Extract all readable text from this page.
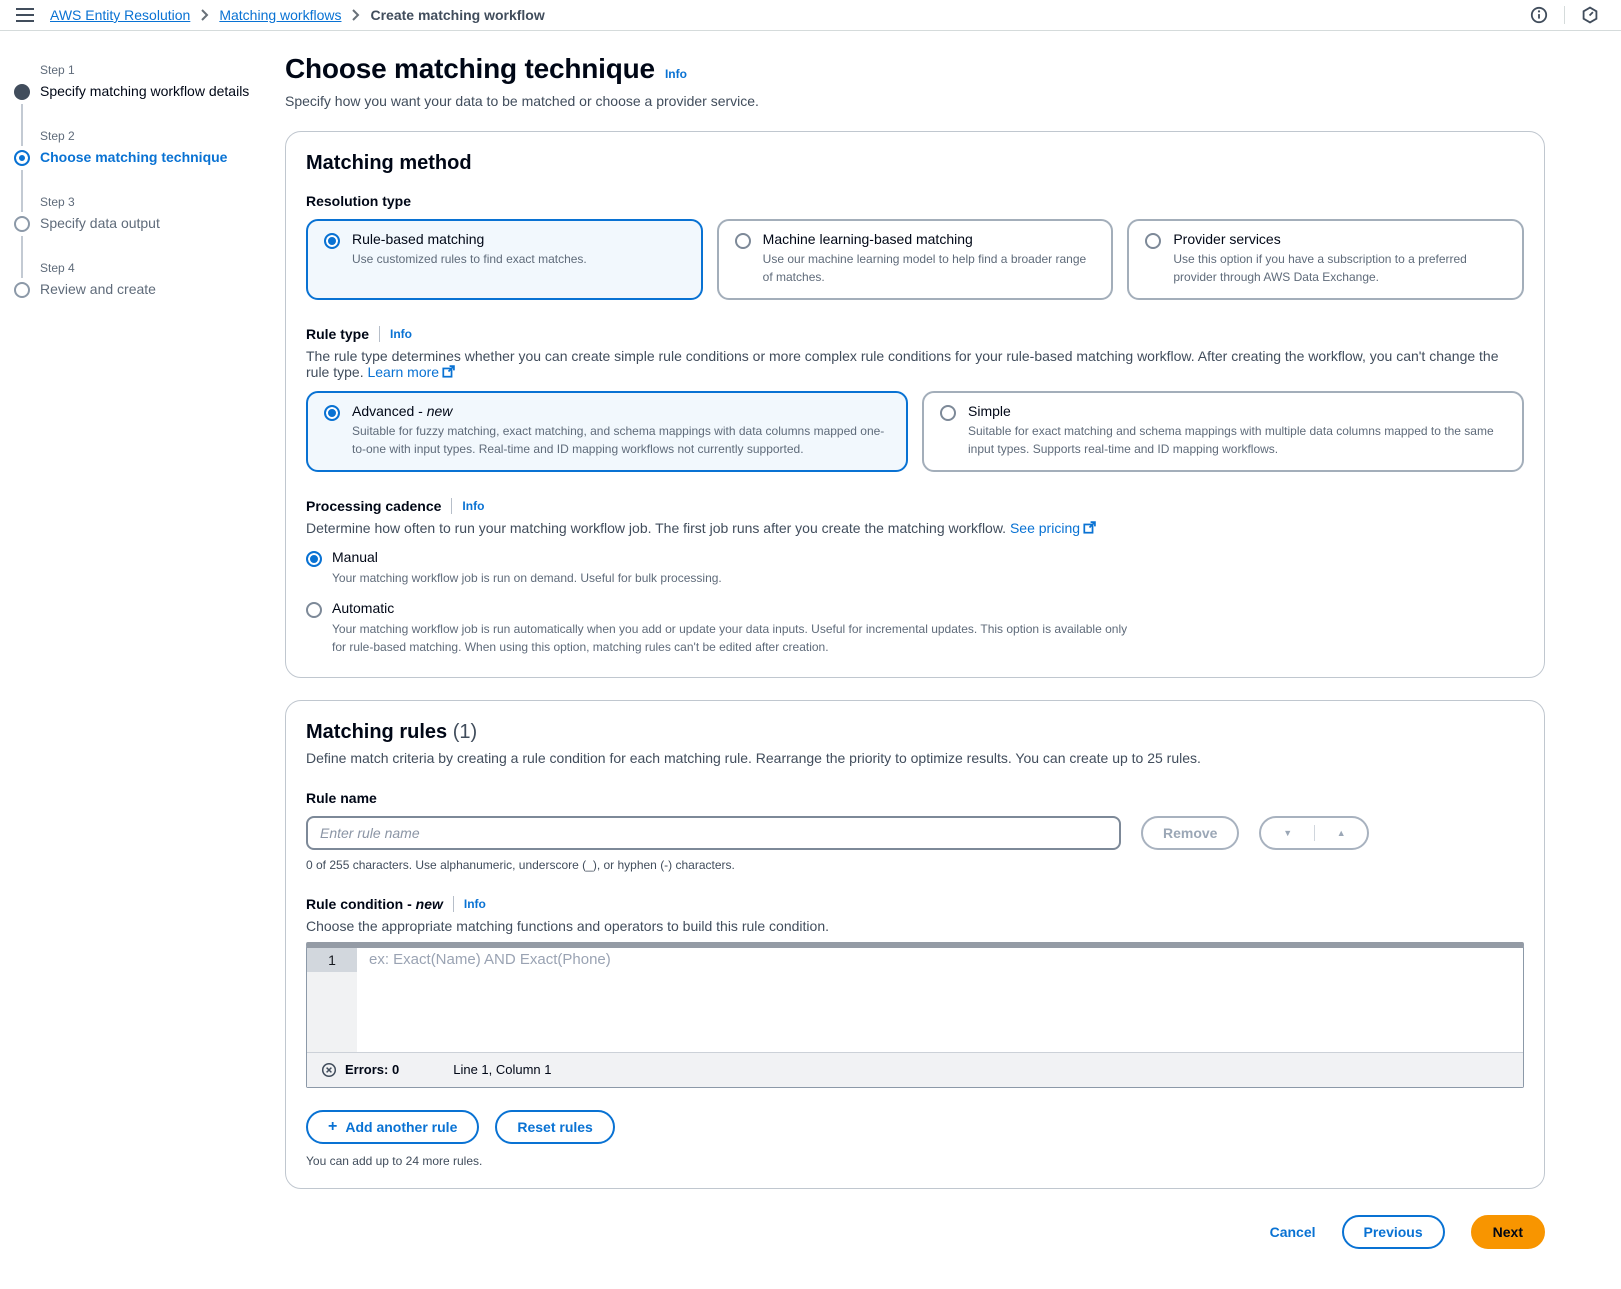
AWS Entity Resolution Matching workflows Create matching workflow
Step 1
Specify matching workflow details
Step 2
Choose matching technique
Step 3
Specify data output
Step 4
Review and create
Choose matching technique Info

Specify how you want your data to be matched or choose a provider service.

Matching method
Resolution type
Rule-based matching
Use customized rules to find exact matches.
Machine learning-based matching
Use our machine learning model to help find a broader range of matches.
Provider services
Use this option if you have a subscription to a preferred provider through AWS Data Exchange.
Rule type Info
The rule type determines whether you can create simple rule conditions or more complex rule conditions for your rule-based matching workflow. After creating the workflow, you can't change the rule type. Learn more
Advanced - new
Suitable for fuzzy matching, exact matching, and schema mappings with data columns mapped one-to-one with input types. Real-time and ID mapping workflows not currently supported.
Simple
Suitable for exact matching and schema mappings with multiple data columns mapped to the same input types. Supports real-time and ID mapping workflows.
Processing cadence Info
Determine how often to run your matching workflow job. The first job runs after you create the matching workflow. See pricing
Manual
Your matching workflow job is run on demand. Useful for bulk processing.
Automatic
Your matching workflow job is run automatically when you add or update your data inputs. Useful for incremental updates. This option is available only for rule-based matching. When using this option, matching rules can't be edited after creation.
Matching rules (1)

Define match criteria by creating a rule condition for each matching rule. Rearrange the priority to optimize results. You can create up to 25 rules.

Rule name
Enter rule name
Remove	▼	▲
0 of 255 characters. Use alphanumeric, underscore (_), or hyphen (-) characters.
Rule condition - new Info
Choose the appropriate matching functions and operators to build this rule condition.
1	ex: Exact(Name) AND Exact(Phone)
Errors: 0	Line 1, Column 1
+ Add another rule	Reset rules
You can add up to 24 more rules.
Cancel	Previous	Next
